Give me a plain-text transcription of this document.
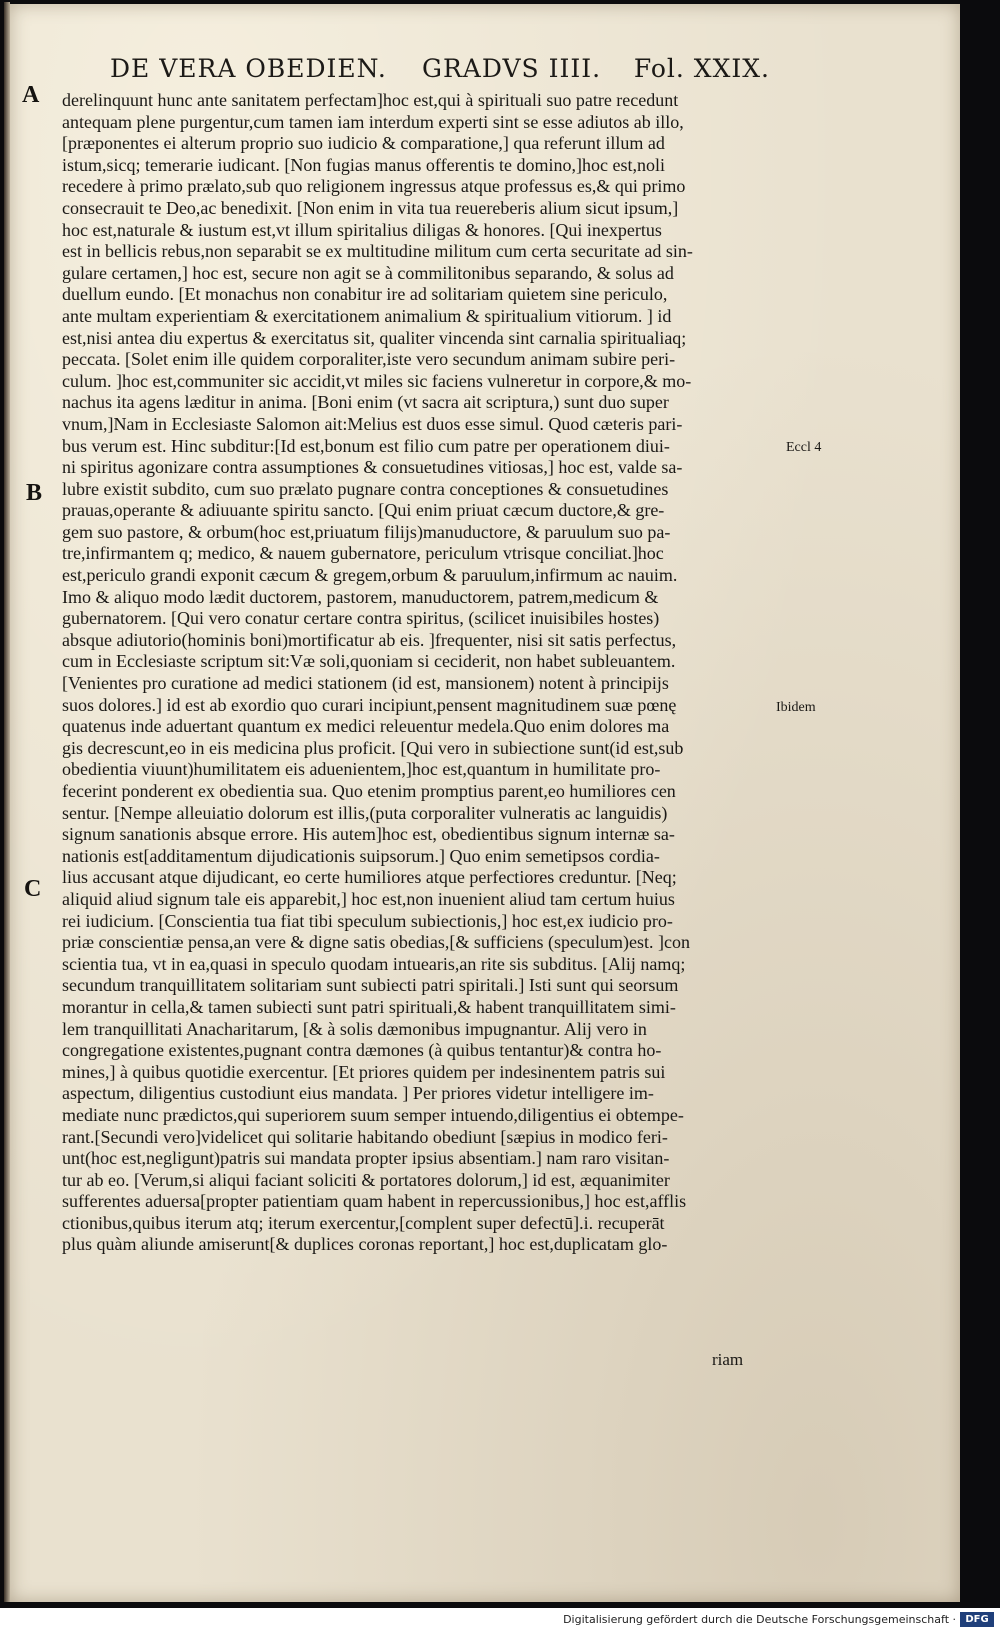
DE VERA OBEDIEN. GRADVS IIII. Fol. XXIX.
A
B
C
Eccl 4
Ibidem
derelinquunt hunc ante sanitatem perfectam]hoc est,qui à spirituali suo patre recedunt
antequam plene purgentur,cum tamen iam interdum experti sint se esse adiutos ab illo,
[præponentes ei alterum proprio suo iudicio & comparatione,] qua referunt illum ad
istum,sicq; temerarie iudicant. [Non fugias manus offerentis te domino,]hoc est,noli
recedere à primo prælato,sub quo religionem ingressus atque professus es,& qui primo
consecrauit te Deo,ac benedixit. [Non enim in vita tua reuereberis alium sicut ipsum,]
hoc est,naturale & iustum est,vt illum spiritalius diligas & honores. [Qui inexpertus
est in bellicis rebus,non separabit se ex multitudine militum cum certa securitate ad sin-
gulare certamen,] hoc est, secure non agit se à commilitonibus separando, & solus ad
duellum eundo. [Et monachus non conabitur ire ad solitariam quietem sine periculo,
ante multam experientiam & exercitationem animalium & spiritualium vitiorum. ] id
est,nisi antea diu expertus & exercitatus sit, qualiter vincenda sint carnalia spiritualiaq;
peccata. [Solet enim ille quidem corporaliter,iste vero secundum animam subire peri-
culum. ]hoc est,communiter sic accidit,vt miles sic faciens vulneretur in corpore,& mo-
nachus ita agens læditur in anima. [Boni enim (vt sacra ait scriptura,) sunt duo super
vnum,]Nam in Ecclesiaste Salomon ait:Melius est duos esse simul. Quod cæteris pari-
bus verum est. Hinc subditur:[Id est,bonum est filio cum patre per operationem diui-
ni spiritus agonizare contra assumptiones & consuetudines vitiosas,] hoc est, valde sa-
lubre existit subdito, cum suo prælato pugnare contra conceptiones & consuetudines
prauas,operante & adiuuante spiritu sancto. [Qui enim priuat cæcum ductore,& gre-
gem suo pastore, & orbum(hoc est,priuatum filijs)manuductore, & paruulum suo pa-
tre,infirmantem q; medico, & nauem gubernatore, periculum vtrisque conciliat.]hoc
est,periculo grandi exponit cæcum & gregem,orbum & paruulum,infirmum ac nauim.
Imo & aliquo modo lædit ductorem, pastorem, manuductorem, patrem,medicum &
gubernatorem. [Qui vero conatur certare contra spiritus, (scilicet inuisibiles hostes)
absque adiutorio(hominis boni)mortificatur ab eis. ]frequenter, nisi sit satis perfectus,
cum in Ecclesiaste scriptum sit:Væ soli,quoniam si ceciderit, non habet subleuantem.
[Venientes pro curatione ad medici stationem (id est, mansionem) notent à principijs
suos dolores.] id est ab exordio quo curari incipiunt,pensent magnitudinem suæ pœnę
quatenus inde aduertant quantum ex medici releuentur medela.Quo enim dolores ma
gis decrescunt,eo in eis medicina plus proficit. [Qui vero in subiectione sunt(id est,sub
obedientia viuunt)humilitatem eis aduenientem,]hoc est,quantum in humilitate pro-
fecerint ponderent ex obedientia sua. Quo etenim promptius parent,eo humiliores cen
sentur. [Nempe alleuiatio dolorum est illis,(puta corporaliter vulneratis ac languidis)
signum sanationis absque errore. His autem]hoc est, obedientibus signum internæ sa-
nationis est[additamentum dijudicationis suipsorum.] Quo enim semetipsos cordia-
lius accusant atque dijudicant, eo certe humiliores atque perfectiores creduntur. [Neq;
aliquid aliud signum tale eis apparebit,] hoc est,non inuenient aliud tam certum huius
rei iudicium. [Conscientia tua fiat tibi speculum subiectionis,] hoc est,ex iudicio pro-
priæ conscientiæ pensa,an vere & digne satis obedias,[& sufficiens (speculum)est. ]con
scientia tua, vt in ea,quasi in speculo quodam intuearis,an rite sis subditus. [Alij namq;
secundum tranquillitatem solitariam sunt subiecti patri spiritali.] Isti sunt qui seorsum
morantur in cella,& tamen subiecti sunt patri spirituali,& habent tranquillitatem simi-
lem tranquillitati Anacharitarum, [& à solis dæmonibus impugnantur. Alij vero in
congregatione existentes,pugnant contra dæmones (à quibus tentantur)& contra ho-
mines,] à quibus quotidie exercentur. [Et priores quidem per indesinentem patris sui
aspectum, diligentius custodiunt eius mandata. ] Per priores videtur intelligere im-
mediate nunc prædictos,qui superiorem suum semper intuendo,diligentius ei obtempe-
rant.[Secundi vero]videlicet qui solitarie habitando obediunt [sæpius in modico feri-
unt(hoc est,negligunt)patris sui mandata propter ipsius absentiam.] nam raro visitan-
tur ab eo. [Verum,si aliqui faciant soliciti & portatores dolorum,] id est, æquanimiter
sufferentes aduersa[propter patientiam quam habent in repercussionibus,] hoc est,afflis
ctionibus,quibus iterum atq; iterum exercentur,[complent super defectū].i. recuperāt
plus quàm aliunde amiserunt[& duplices coronas reportant,] hoc est,duplicatam glo-
riam
Digitalisierung gefördert durch die Deutsche Forschungsgemeinschaft · DFG
